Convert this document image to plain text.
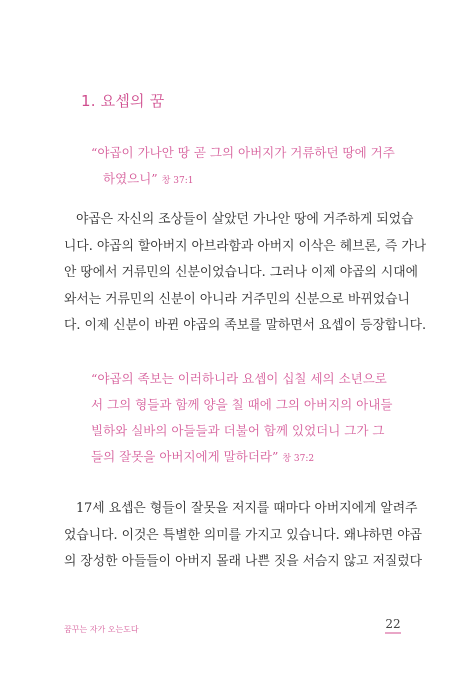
1. 요셉의 꿈
“야곱이 가나안 땅 곧 그의 아버지가 거류하던 땅에 거주
하였으니” 창 37:1
야곱은 자신의 조상들이 살았던 가나안 땅에 거주하게 되었습
니다. 야곱의 할아버지 아브라함과 아버지 이삭은 헤브론, 즉 가나
안 땅에서 거류민의 신분이었습니다. 그러나 이제 야곱의 시대에
와서는 거류민의 신분이 아니라 거주민의 신분으로 바뀌었습니
다. 이제 신분이 바뀐 야곱의 족보를 말하면서 요셉이 등장합니다.
“야곱의 족보는 이러하니라 요셉이 십칠 세의 소년으로
서 그의 형들과 함께 양을 칠 때에 그의 아버지의 아내들
빌하와 실바의 아들들과 더불어 함께 있었더니 그가 그
들의 잘못을 아버지에게 말하더라” 창 37:2
17세 요셉은 형들이 잘못을 저지를 때마다 아버지에게 알려주
었습니다. 이것은 특별한 의미를 가지고 있습니다. 왜냐하면 야곱
의 장성한 아들들이 아버지 몰래 나쁜 짓을 서슴지 않고 저질렀다
꿈꾸는 자가 오는도다	22
